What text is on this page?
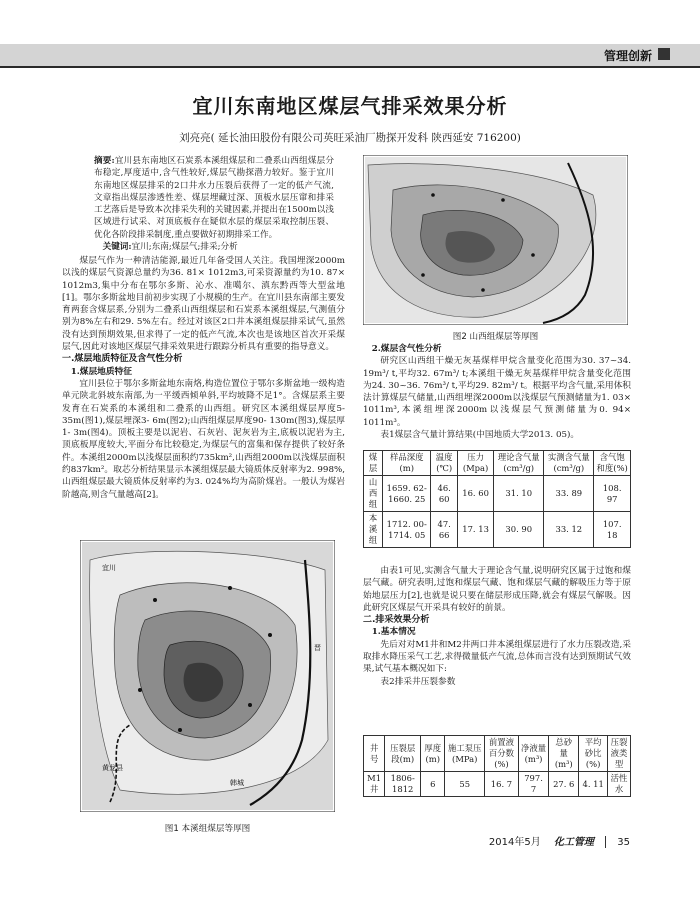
管理创新
宜川东南地区煤层气排采效果分析
刘亮亮( 延长油田股份有限公司英旺采油厂勘探开发科 陕西延安 716200)

摘要:宜川县东南地区石炭系本溪组煤层和二叠系山西组煤层分布稳定,厚度适中,含气性较好,煤层气勘探潜力较好。鉴于宜川东南地区煤层排采的2口井水力压裂后获得了一定的低产气流,文章指出煤层渗透性差、煤层埋藏过深、顶板水层压窜和排采工艺落后是导致本次排采失利的关键因素,并提出在1500m以浅区域进行试采、对顶底板存在疑似水层的煤层采取控制压裂、优化各阶段排采制度,重点要做好初期排采工作。

关键词:宜川;东南;煤层气;排采;分析

煤层气作为一种清洁能源,最近几年备受国人关注。我国埋深2000m以浅的煤层气资源总量约为36. 81× 1012m3,可采资源量约为10. 87× 1012m3,集中分布在鄂尔多斯、沁水、准噶尔、滇东黔西等大型盆地[1]。鄂尔多斯盆地目前初步实现了小规模的生产。在宜川县东南部主要发育两套含煤层系,分别为二叠系山西组煤层和石炭系本溪组煤层,气测值分别为8%左右和29. 5%左右。经过对该区2口井本溪组煤层排采试气,虽然没有达到预期效果,但求得了一定的低产气流,本次也是该地区首次开采煤层气,因此对该地区煤层气排采效果进行跟踪分析具有重要的指导意义。

一.煤层地质特征及含气性分析

1.煤层地质特征

宜川县位于鄂尔多斯盆地东南烙,构造位置位于鄂尔多斯盆地一级构造单元陕北斜坡东南部,为一平缓西倾单斜,平均坡降不足1°。含煤层系主要发育在石炭系的本溪组和二叠系的山西组。研究区本溪组煤层厚度5- 35m(图1),煤层埋深3- 6m(图2);山西组煤层厚度90- 130m(图3),煤层厚1- 3m(图4)。顶板主要是以泥岩、石灰岩、泥灰岩为主,底板以泥岩为主,顶底板厚度较大,平面分布比较稳定,为煤层气的富集和保存提供了较好条件。本溪组2000m以浅煤层面积约735km²,山西组2000m以浅煤层面积约837km²。取芯分析结果显示本溪组煤层最大镜质体反射率为2. 998%,山西组煤层最大镜质体反射率约为3. 024%均为高阶煤岩。一般认为煤岩阶越高,则含气量越高[2]。

宜川
黄龙县
韩城
晋
图1 本溪组煤层等厚图
图2 山西组煤层等厚图

2.煤层含气性分析

研究区山西组干燥无灰基煤样甲烷含量变化范围为30. 37~34. 19m³/ t,平均32. 67m³/ t;本溪组干燥无灰基煤样甲烷含量变化范围为24. 30~36. 76m³/ t,平均29. 82m³/ t。根据平均含气量,采用体积法计算煤层气储量,山西组埋深2000m以浅煤层气预测储量为1. 03× 1011m³,本溪组埋深2000m以浅煤层气预测储量为0. 94× 1011m³。

表1煤层含气量计算结果(中国地质大学2013. 05)。

煤层	样品深度(m)	温度(℃)	压力(Mpa)	理论含气量(cm³/g)	实测含气量(cm³/g)	含气饱和度(%)
山西组	1659. 62- 1660. 25	46. 60	16. 60	31. 10	33. 89	108. 97
本溪组	1712. 00- 1714. 05	47. 66	17. 13	30. 90	33. 12	107. 18

由表1可见,实测含气量大于理论含气量,说明研究区属于过饱和煤层气藏。研究表明,过饱和煤层气藏、饱和煤层气藏的解吸压力等于原始地层压力[2],也就是说只要在储层形成压降,就会有煤层气解吸。因此研究区煤层气开采具有较好的前景。

二.排采效果分析

1.基本情况

先后对对M1井和M2井两口井本溪组煤层进行了水力压裂改造,采取排水降压采气工艺,求得微量低产气流,总体而言没有达到预期试气效果,试气基本概况如下:

表2排采井压裂参数

井号	压裂层段(m)	厚度(m)	施工泵压(MPa)	前置液百分数(%)	净液量(m³)	总砂量(m³)	平均砂比(%)	压裂液类型
M1井	1806- 1812	6	55	16. 7	797. 7	27. 6	4. 11	活性水
2014年5月 化工管理 35
